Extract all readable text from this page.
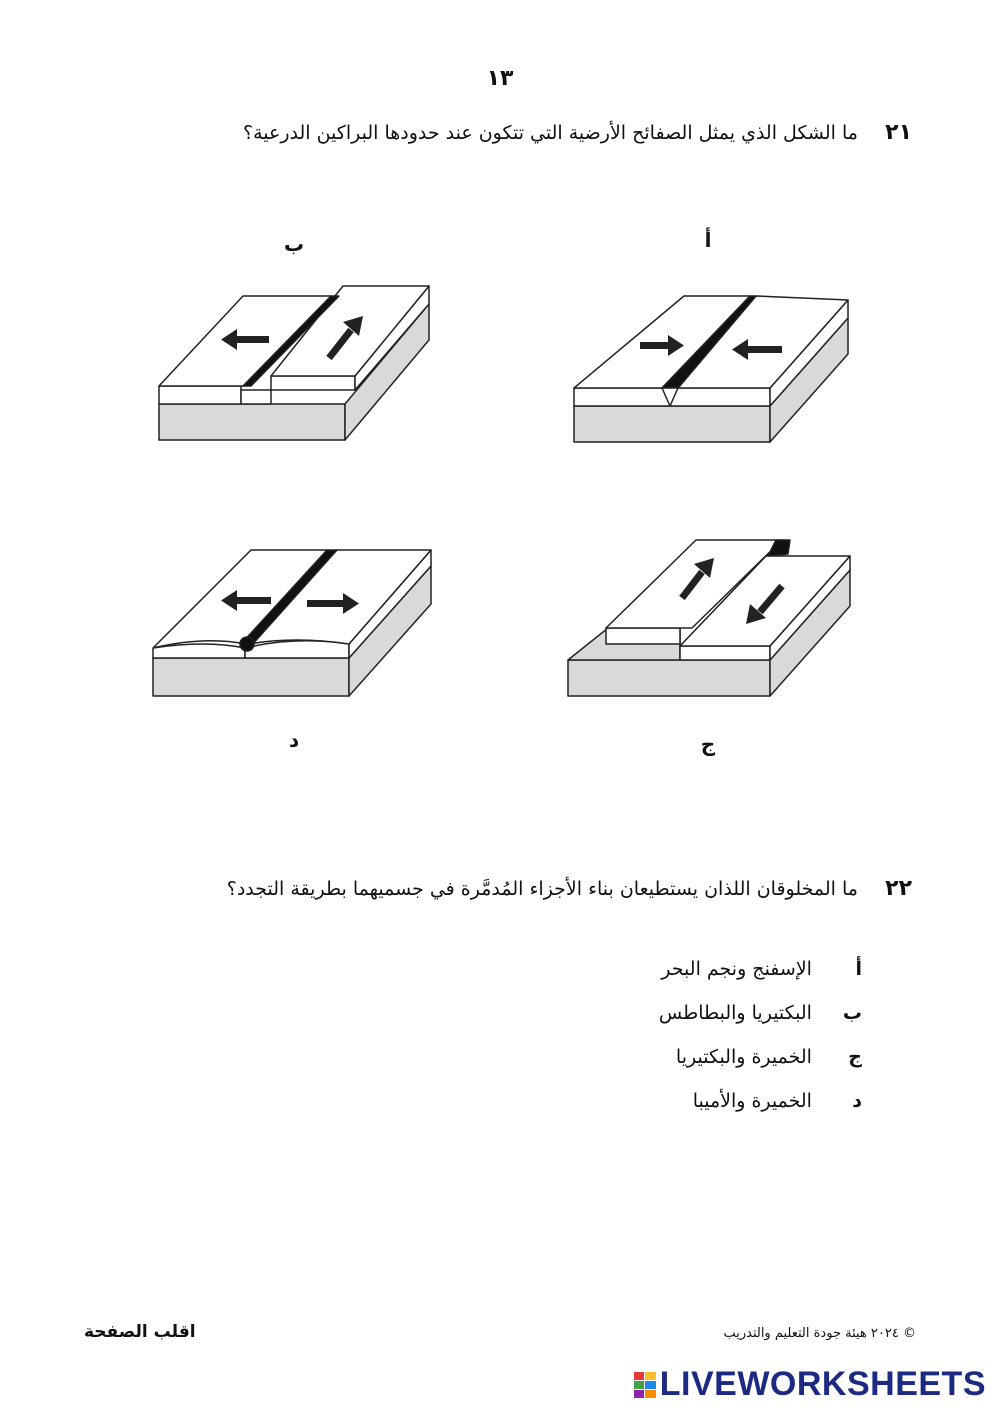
١٣
٢١ ما الشكل الذي يمثل الصفائح الأرضية التي تتكون عند حدودها البراكين الدرعية؟
أ
ب
ج
د
٢٢ ما المخلوقان اللذان يستطيعان بناء الأجزاء المُدمَّرة في جسميهما بطريقة التجدد؟
أ الإسفنج ونجم البحر
ب البكتيريا والبطاطس
ج الخميرة والبكتيريا
د الخميرة والأميبا
اقلب الصفحة	© ٢٠٢٤ هيئة جودة التعليم والتدريب
LIVEWORKSHEETS
